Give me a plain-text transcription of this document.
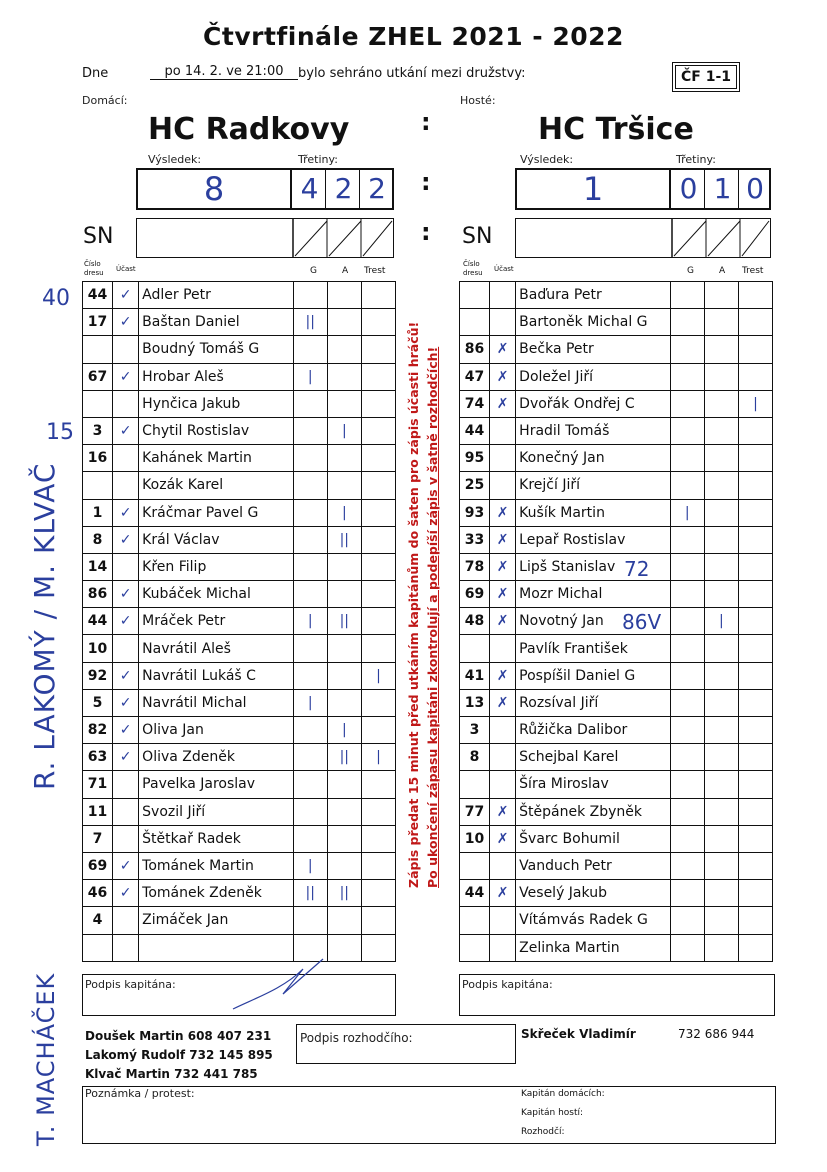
Čtvrtfinále ZHEL 2021 - 2022
Dne	po 14. 2. ve 21:00	bylo sehráno utkání mezi družstvy:	ČF 1-1
Domácí:	Hosté:
HC Radkovy	HC Tršice
:
Výsledek:	Třetiny:	Výsledek:	Třetiny:
8	4 2 2 :	1	0 1 0
SN	: SN
Číslo dresu	Účast	G	A Trest
Číslo dresu	Účast	G	A Trest
44	✓	Adler Petr			
17	✓	Baštan Daniel	||		
		Boudný Tomáš G			
67	✓	Hrobar Aleš	|		
		Hynčica Jakub			
3	✓	Chytil Rostislav		|	
16		Kahánek Martin			
		Kozák Karel			
1	✓	Kráčmar Pavel G		|	
8	✓	Král Václav		||	
14		Křen Filip			
86	✓	Kubáček Michal			
44	✓	Mráček Petr	|	||	
10		Navrátil Aleš			
92	✓	Navrátil Lukáš C			|
5	✓	Navrátil Michal	|		
82	✓	Oliva Jan		|	
63	✓	Oliva Zdeněk		||	|
71		Pavelka Jaroslav			
11		Svozil Jiří			
7		Štětkař Radek			
69	✓	Tománek Martin	|		
46	✓	Tománek Zdeněk	||	||	
4		Zimáček Jan			

		Baďura Petr			
		Bartoněk Michal G			
86	✗	Bečka Petr			
47	✗	Doležel Jiří			
74	✗	Dvořák Ondřej C			|
44		Hradil Tomáš			
95		Konečný Jan			
25		Krejčí Jiří			
93	✗	Kušík Martin	|		
33	✗	Lepař Rostislav			
78	✗	Lipš Stanislav			
69	✗	Mozr Michal			
48	✗	Novotný Jan		|	
		Pavlík František			
41	✗	Pospíšil Daniel G			
13	✗	Rozsíval Jiří			
3		Růžička Dalibor			
8		Schejbal Karel			
		Šíra Miroslav			
77	✗	Štěpánek Zbyněk			
10	✗	Švarc Bohumil			
		Vanduch Petr			
44	✗	Veselý Jakub			
		Vítámvás Radek G			
		Zelinka Martin			
Zápis předat 15 minut před utkáním kapitánům do šaten pro zápis účasti hráčů! Po ukončení zápasu kapitáni zkontrolují a podepíší zápis v šatně rozhodčích!
40
15
R. LAKOMÝ / M. KLVAČ
T. MACHÁČEK
72
86V
Podpis kapitána:	Podpis kapitána:
Doušek Martin 608 407 231
Lakomý Rudolf 732 145 895
Klvač Martin 732 441 785
Podpis rozhodčího:	Skřeček Vladimír	732 686 944
Poznámka / protest:	Kapitán domácích:
Kapitán hostí:
Rozhodčí:
